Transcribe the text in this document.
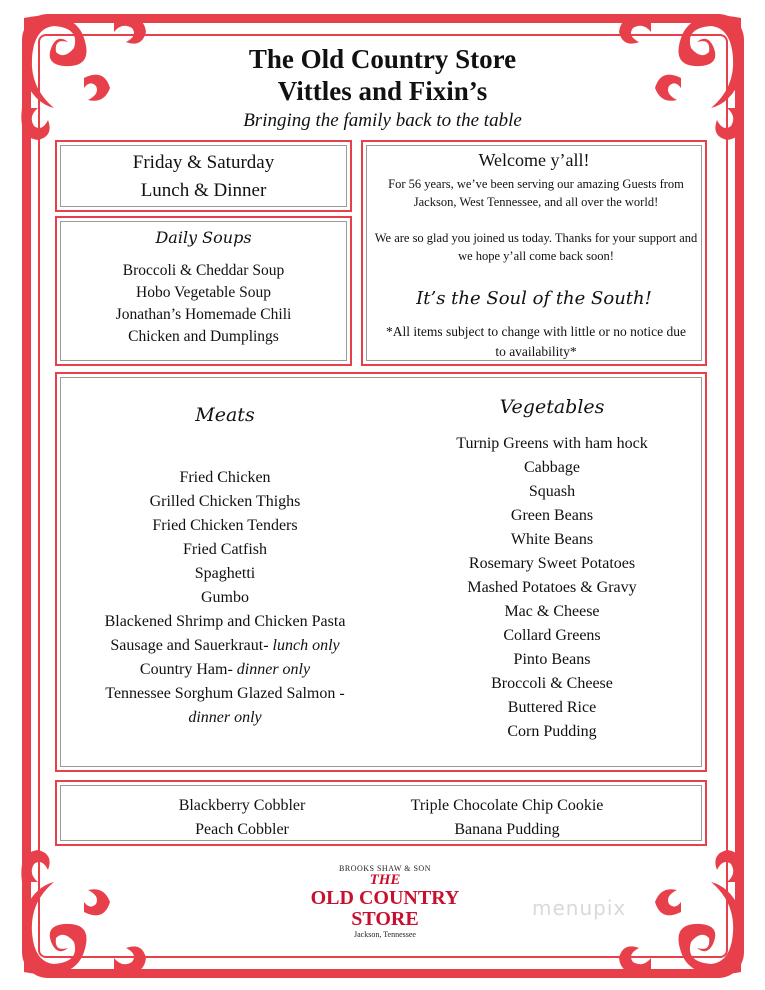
The Old Country Store
Vittles and Fixin’s
Bringing the family back to the table
Friday & Saturday
Lunch & Dinner
Daily Soups
Broccoli & Cheddar Soup
Hobo Vegetable Soup
Jonathan’s Homemade Chili
Chicken and Dumplings
Welcome y’all!
For 56 years, we’ve been serving our amazing Guests from Jackson, West Tennessee, and all over the world!
We are so glad you joined us today. Thanks for your support and we hope y’all come back soon!
It’s the Soul of the South!
*All items subject to change with little or no notice due to availability*
Meats
Fried Chicken
Grilled Chicken Thighs
Fried Chicken Tenders
Fried Catfish
Spaghetti
Gumbo
Blackened Shrimp and Chicken Pasta
Sausage and Sauerkraut- lunch only
Country Ham- dinner only
Tennessee Sorghum Glazed Salmon -
dinner only
Vegetables
Turnip Greens with ham hock
Cabbage
Squash
Green Beans
White Beans
Rosemary Sweet Potatoes
Mashed Potatoes & Gravy
Mac & Cheese
Collard Greens
Pinto Beans
Broccoli & Cheese
Buttered Rice
Corn Pudding
Blackberry Cobbler
Peach Cobbler
Triple Chocolate Chip Cookie
Banana Pudding
BROOKS SHAW & SON
THE
OLD COUNTRY
STORE
Jackson, Tennessee
menupix
